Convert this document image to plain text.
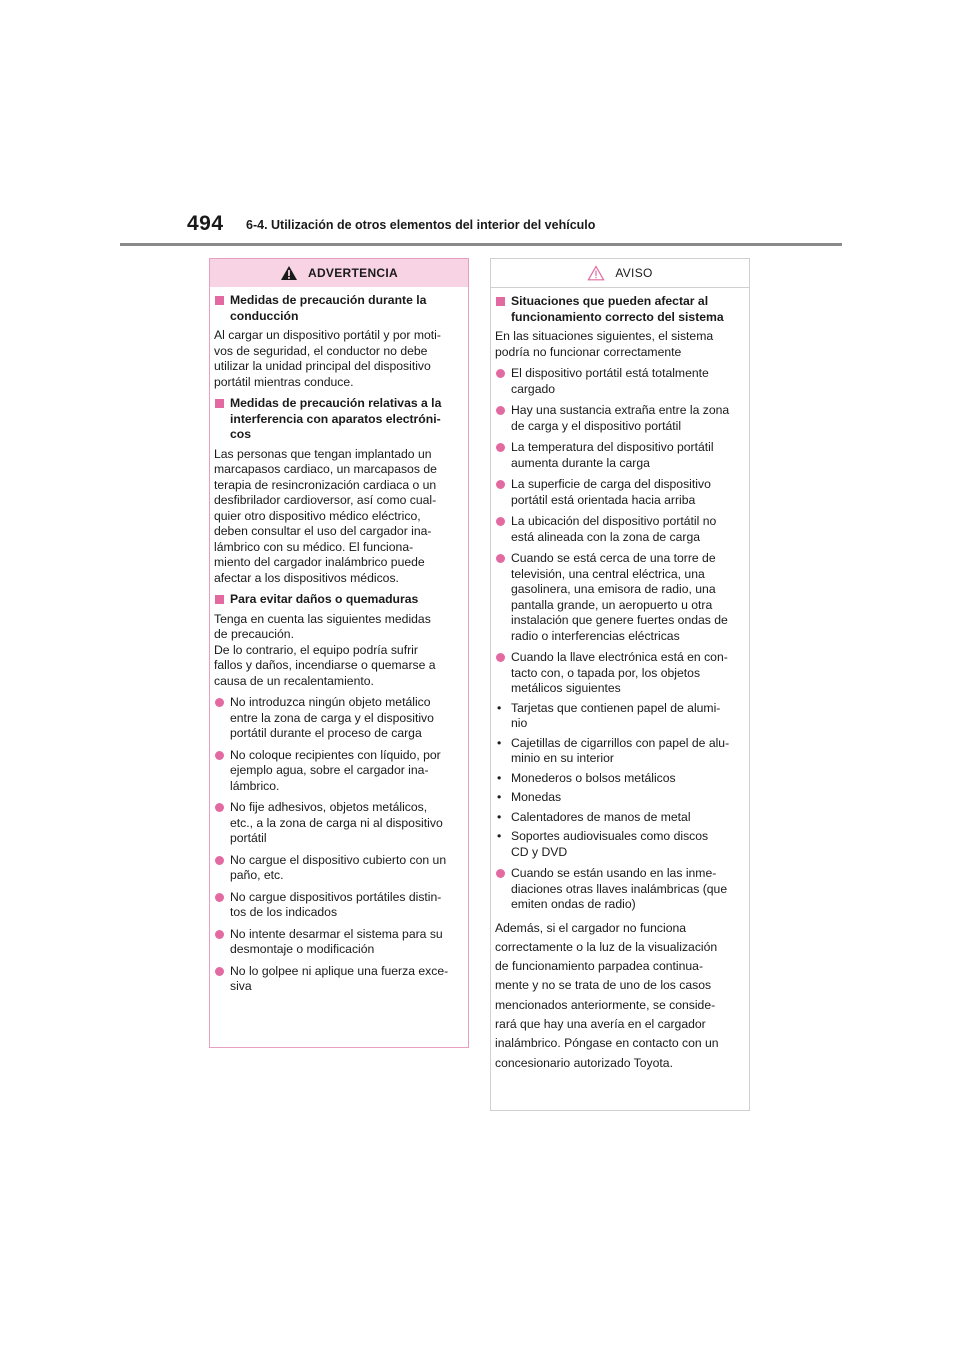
494 6-4. Utilización de otros elementos del interior del vehículo
ADVERTENCIA
Medidas de precaución durante la
conducción
Al cargar un dispositivo portátil y por moti-
vos de seguridad, el conductor no debe
utilizar la unidad principal del dispositivo
portátil mientras conduce.
Medidas de precaución relativas a la
interferencia con aparatos electróni-
cos
Las personas que tengan implantado un
marcapasos cardiaco, un marcapasos de
terapia de resincronización cardiaca o un
desfibrilador cardioversor, así como cual-
quier otro dispositivo médico eléctrico,
deben consultar el uso del cargador ina-
lámbrico con su médico. El funciona-
miento del cargador inalámbrico puede
afectar a los dispositivos médicos.
Para evitar daños o quemaduras
Tenga en cuenta las siguientes medidas
de precaución.
De lo contrario, el equipo podría sufrir
fallos y daños, incendiarse o quemarse a
causa de un recalentamiento.
No introduzca ningún objeto metálico
entre la zona de carga y el dispositivo
portátil durante el proceso de carga
No coloque recipientes con líquido, por
ejemplo agua, sobre el cargador ina-
lámbrico.
No fije adhesivos, objetos metálicos,
etc., a la zona de carga ni al dispositivo
portátil
No cargue el dispositivo cubierto con un
paño, etc.
No cargue dispositivos portátiles distin-
tos de los indicados
No intente desarmar el sistema para su
desmontaje o modificación
No lo golpee ni aplique una fuerza exce-
siva
AVISO
Situaciones que pueden afectar al
funcionamiento correcto del sistema
En las situaciones siguientes, el sistema
podría no funcionar correctamente
El dispositivo portátil está totalmente
cargado
Hay una sustancia extraña entre la zona
de carga y el dispositivo portátil
La temperatura del dispositivo portátil
aumenta durante la carga
La superficie de carga del dispositivo
portátil está orientada hacia arriba
La ubicación del dispositivo portátil no
está alineada con la zona de carga
Cuando se está cerca de una torre de
televisión, una central eléctrica, una
gasolinera, una emisora de radio, una
pantalla grande, un aeropuerto u otra
instalación que genere fuertes ondas de
radio o interferencias eléctricas
Cuando la llave electrónica está en con-
tacto con, o tapada por, los objetos
metálicos siguientes
• Tarjetas que contienen papel de alumi-
nio
• Cajetillas de cigarrillos con papel de alu-
minio en su interior
• Monederos o bolsos metálicos
• Monedas
• Calentadores de manos de metal
• Soportes audiovisuales como discos
CD y DVD
Cuando se están usando en las inme-
diaciones otras llaves inalámbricas (que
emiten ondas de radio)
Además, si el cargador no funciona
correctamente o la luz de la visualización
de funcionamiento parpadea continua-
mente y no se trata de uno de los casos
mencionados anteriormente, se conside-
rará que hay una avería en el cargador
inalámbrico. Póngase en contacto con un
concesionario autorizado Toyota.
